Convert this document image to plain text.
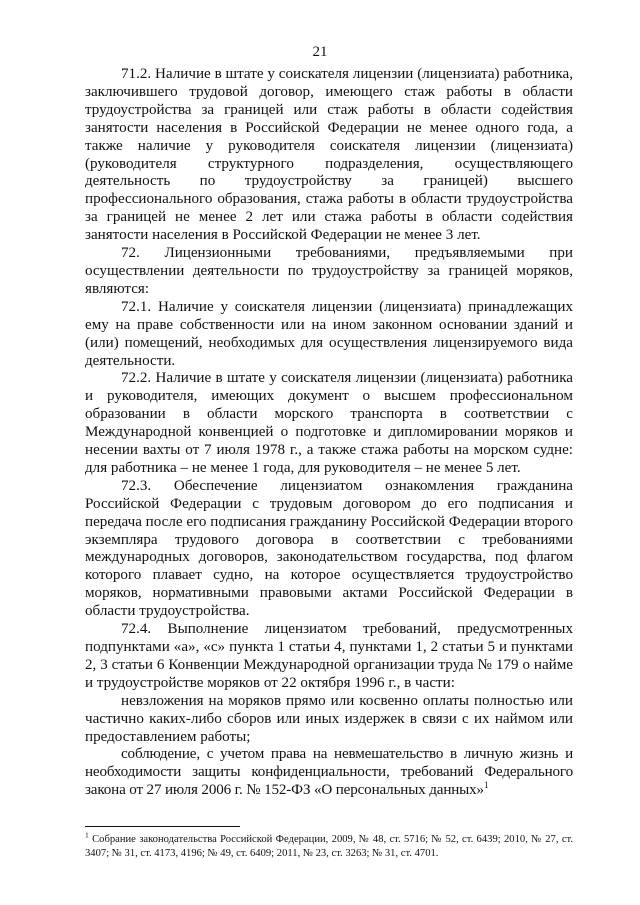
21

71.2. Наличие в штате у соискателя лицензии (лицензиата) работника, заключившего трудовой договор, имеющего стаж работы в области трудоустройства за границей или стаж работы в области содействия занятости населения в Российской Федерации не менее одного года, а также наличие у руководителя соискателя лицензии (лицензиата) (руководителя структурного подразделения, осуществляющего деятельность по трудоустройству за границей) высшего профессионального образования, стажа работы в области трудоустройства за границей не менее 2 лет или стажа работы в области содействия занятости населения в Российской Федерации не менее 3 лет.

72. Лицензионными требованиями, предъявляемыми при осуществлении деятельности по трудоустройству за границей моряков, являются:

72.1. Наличие у соискателя лицензии (лицензиата) принадлежащих ему на праве собственности или на ином законном основании зданий и (или) помещений, необходимых для осуществления лицензируемого вида деятельности.

72.2. Наличие в штате у соискателя лицензии (лицензиата) работника и руководителя, имеющих документ о высшем профессиональном образовании в области морского транспорта в соответствии с Международной конвенцией о подготовке и дипломировании моряков и несении вахты от 7 июля 1978 г., а также стажа работы на морском судне: для работника – не менее 1 года, для руководителя – не менее 5 лет.

72.3. Обеспечение лицензиатом ознакомления гражданина Российской Федерации с трудовым договором до его подписания и передача после его подписания гражданину Российской Федерации второго экземпляра трудового договора в соответствии с требованиями международных договоров, законодательством государства, под флагом которого плавает судно, на которое осуществляется трудоустройство моряков, нормативными правовыми актами Российской Федерации в области трудоустройства.

72.4. Выполнение лицензиатом требований, предусмотренных подпунктами «а», «c» пункта 1 статьи 4, пунктами 1, 2 статьи 5 и пунктами 2, 3 статьи 6 Конвенции Международной организации труда № 179 о найме и трудоустройстве моряков от 22 октября 1996 г., в части:

невзложения на моряков прямо или косвенно оплаты полностью или частично каких-либо сборов или иных издержек в связи с их наймом или предоставлением работы;

соблюдение, с учетом права на невмешательство в личную жизнь и необходимости защиты конфиденциальности, требований Федерального закона от 27 июля 2006 г. № 152-ФЗ «О персональных данных»$^1$

$^1$ Собрание законодательства Российской Федерации, 2009, № 48, ст. 5716; № 52, ст. 6439; 2010, № 27, ст. 3407; № 31, ст. 4173, 4196; № 49, ст. 6409; 2011, № 23, ст. 3263; № 31, ст. 4701.
